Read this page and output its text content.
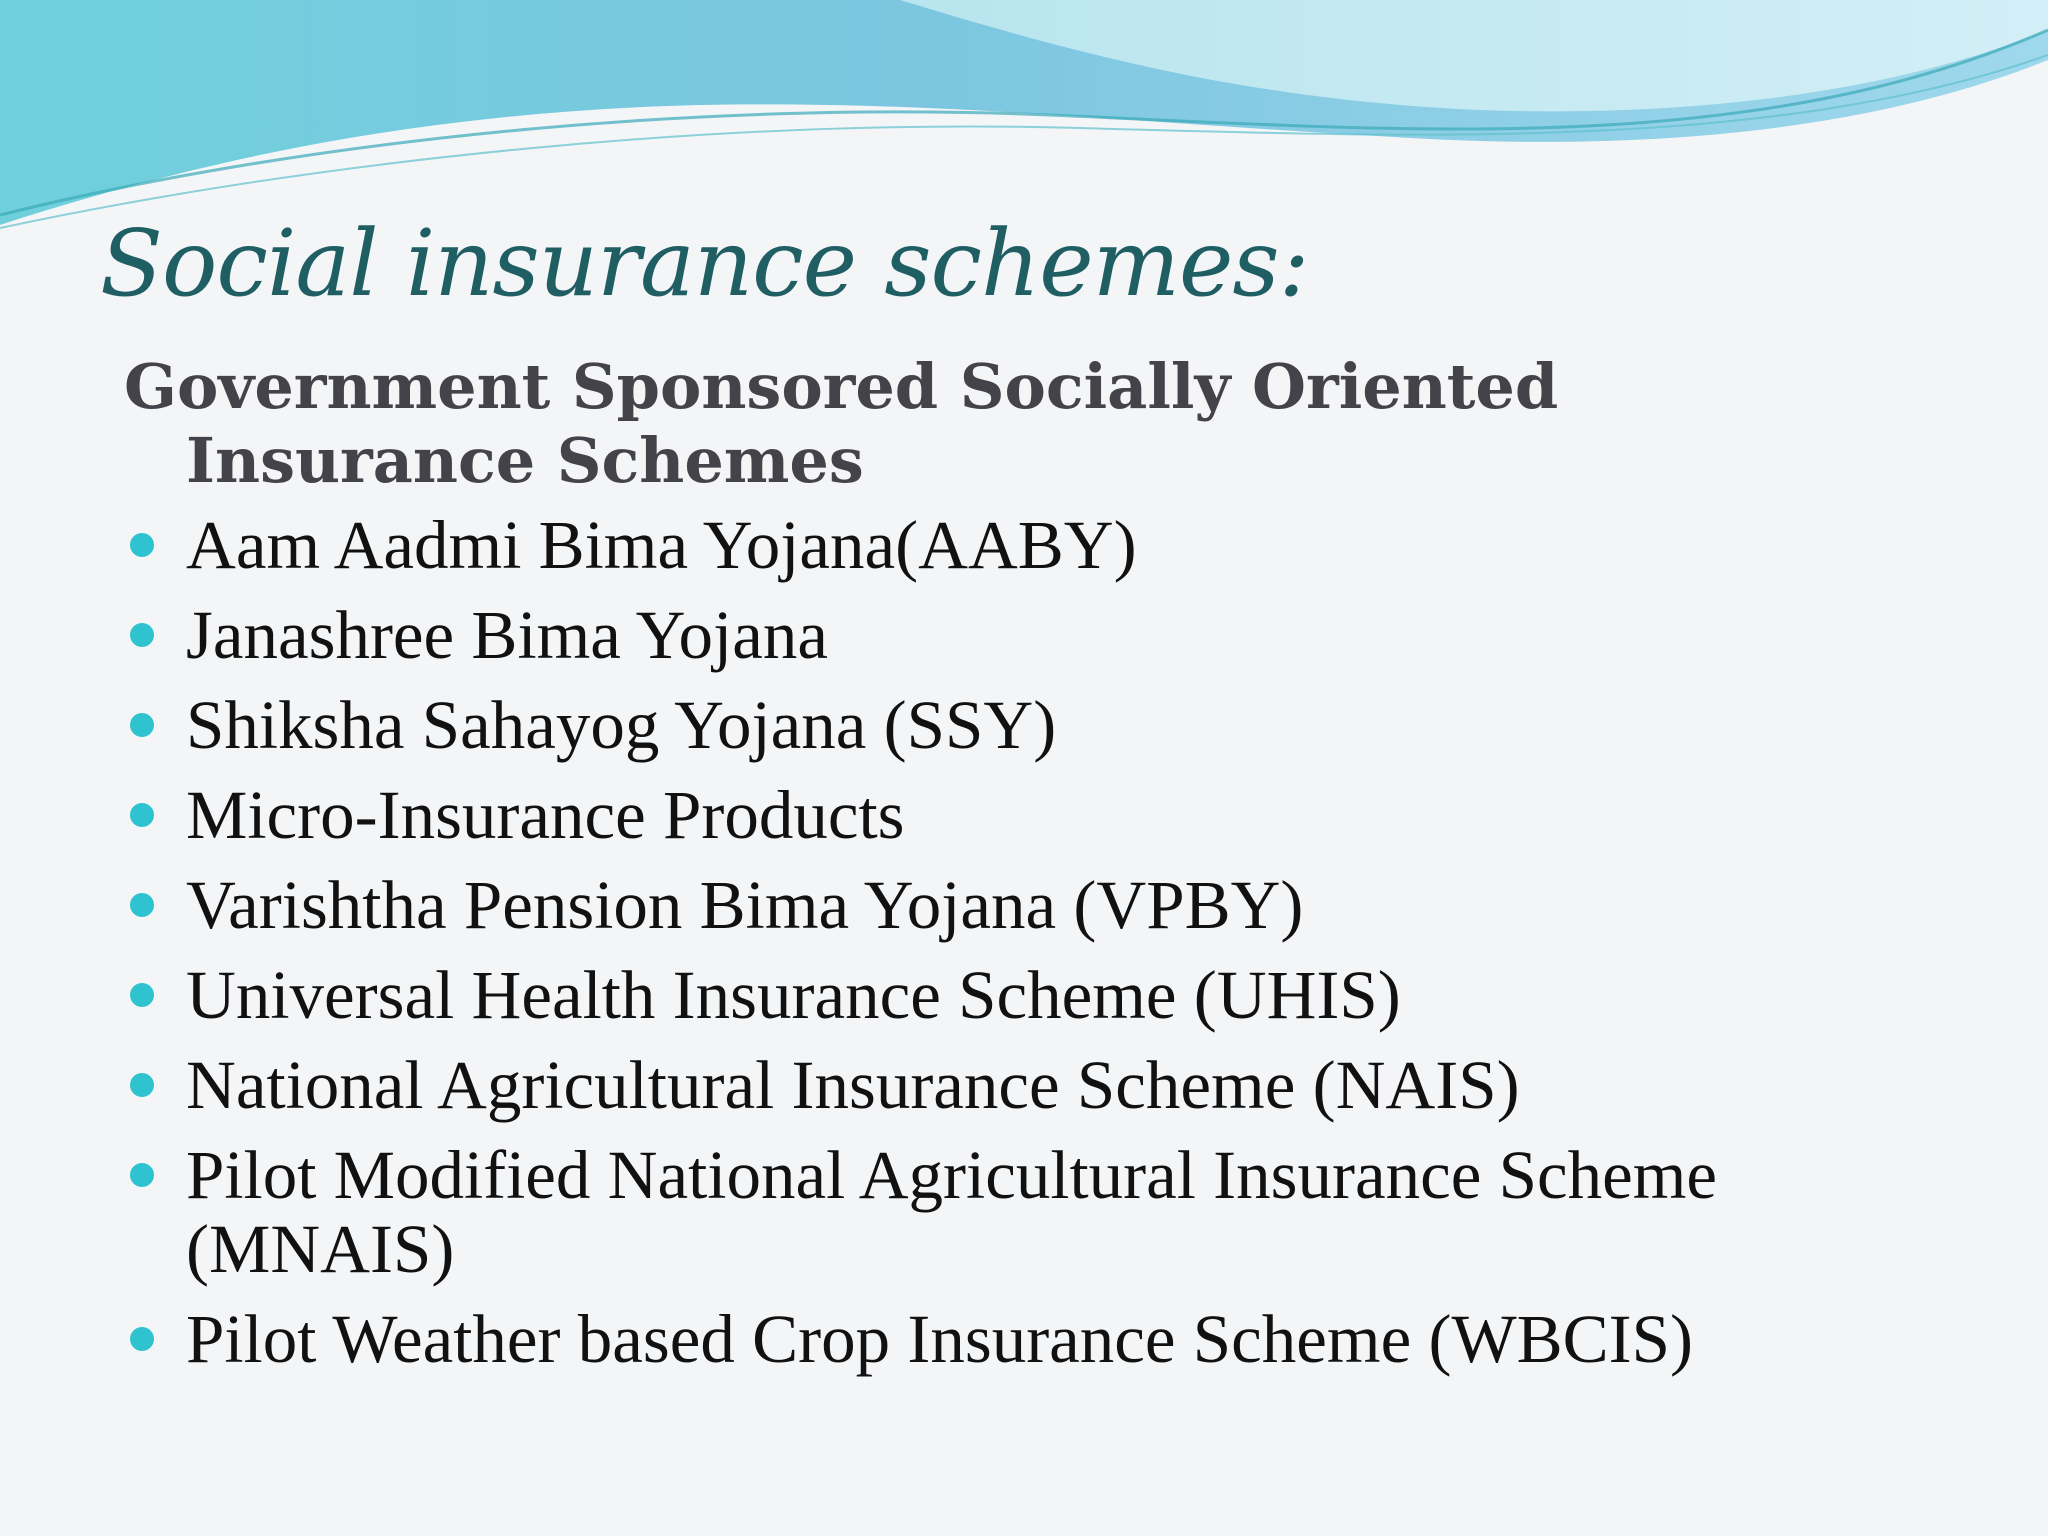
Social insurance schemes:

Government Sponsored Socially Oriented Insurance Schemes

Aam Aadmi Bima Yojana(AABY)
Janashree Bima Yojana
Shiksha Sahayog Yojana (SSY)
Micro-Insurance Products
Varishtha Pension Bima Yojana (VPBY)
Universal Health Insurance Scheme (UHIS)
National Agricultural Insurance Scheme (NAIS)
Pilot Modified National Agricultural Insurance Scheme (MNAIS)
Pilot Weather based Crop Insurance Scheme (WBCIS)
